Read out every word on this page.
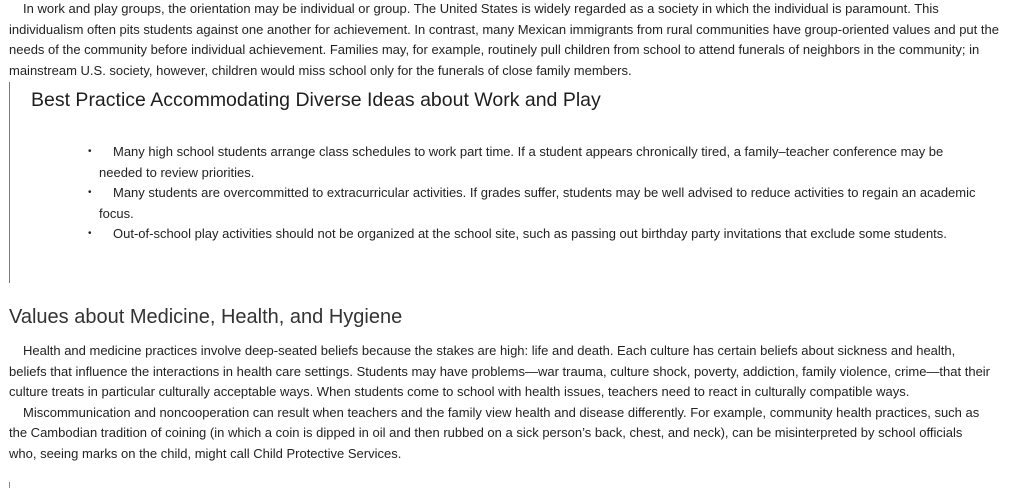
In work and play groups, the orientation may be individual or group. The United States is widely regarded as a society in which the individual is paramount. This individualism often pits students against one another for achievement. In contrast, many Mexican immigrants from rural communities have group-oriented values and put the needs of the community before individual achievement. Families may, for example, routinely pull children from school to attend funerals of neighbors in the community; in mainstream U.S. society, however, children would miss school only for the funerals of close family members.

Best Practice Accommodating Diverse Ideas about Work and Play
• Many high school students arrange class schedules to work part time. If a student appears chronically tired, a family–teacher conference may be needed to review priorities.
• Many students are overcommitted to extracurricular activities. If grades suffer, students may be well advised to reduce activities to regain an academic focus.
• Out-of-school play activities should not be organized at the school site, such as passing out birthday party invitations that exclude some students.
Values about Medicine, Health, and Hygiene

Health and medicine practices involve deep-seated beliefs because the stakes are high: life and death. Each culture has certain beliefs about sickness and health, beliefs that influence the interactions in health care settings. Students may have problems—war trauma, culture shock, poverty, addiction, family violence, crime—that their culture treats in particular culturally acceptable ways. When students come to school with health issues, teachers need to react in culturally compatible ways.

Miscommunication and noncooperation can result when teachers and the family view health and disease differently. For example, community health practices, such as the Cambodian tradition of coining (in which a coin is dipped in oil and then rubbed on a sick person’s back, chest, and neck), can be misinterpreted by school officials who, seeing marks on the child, might call Child Protective Services.
